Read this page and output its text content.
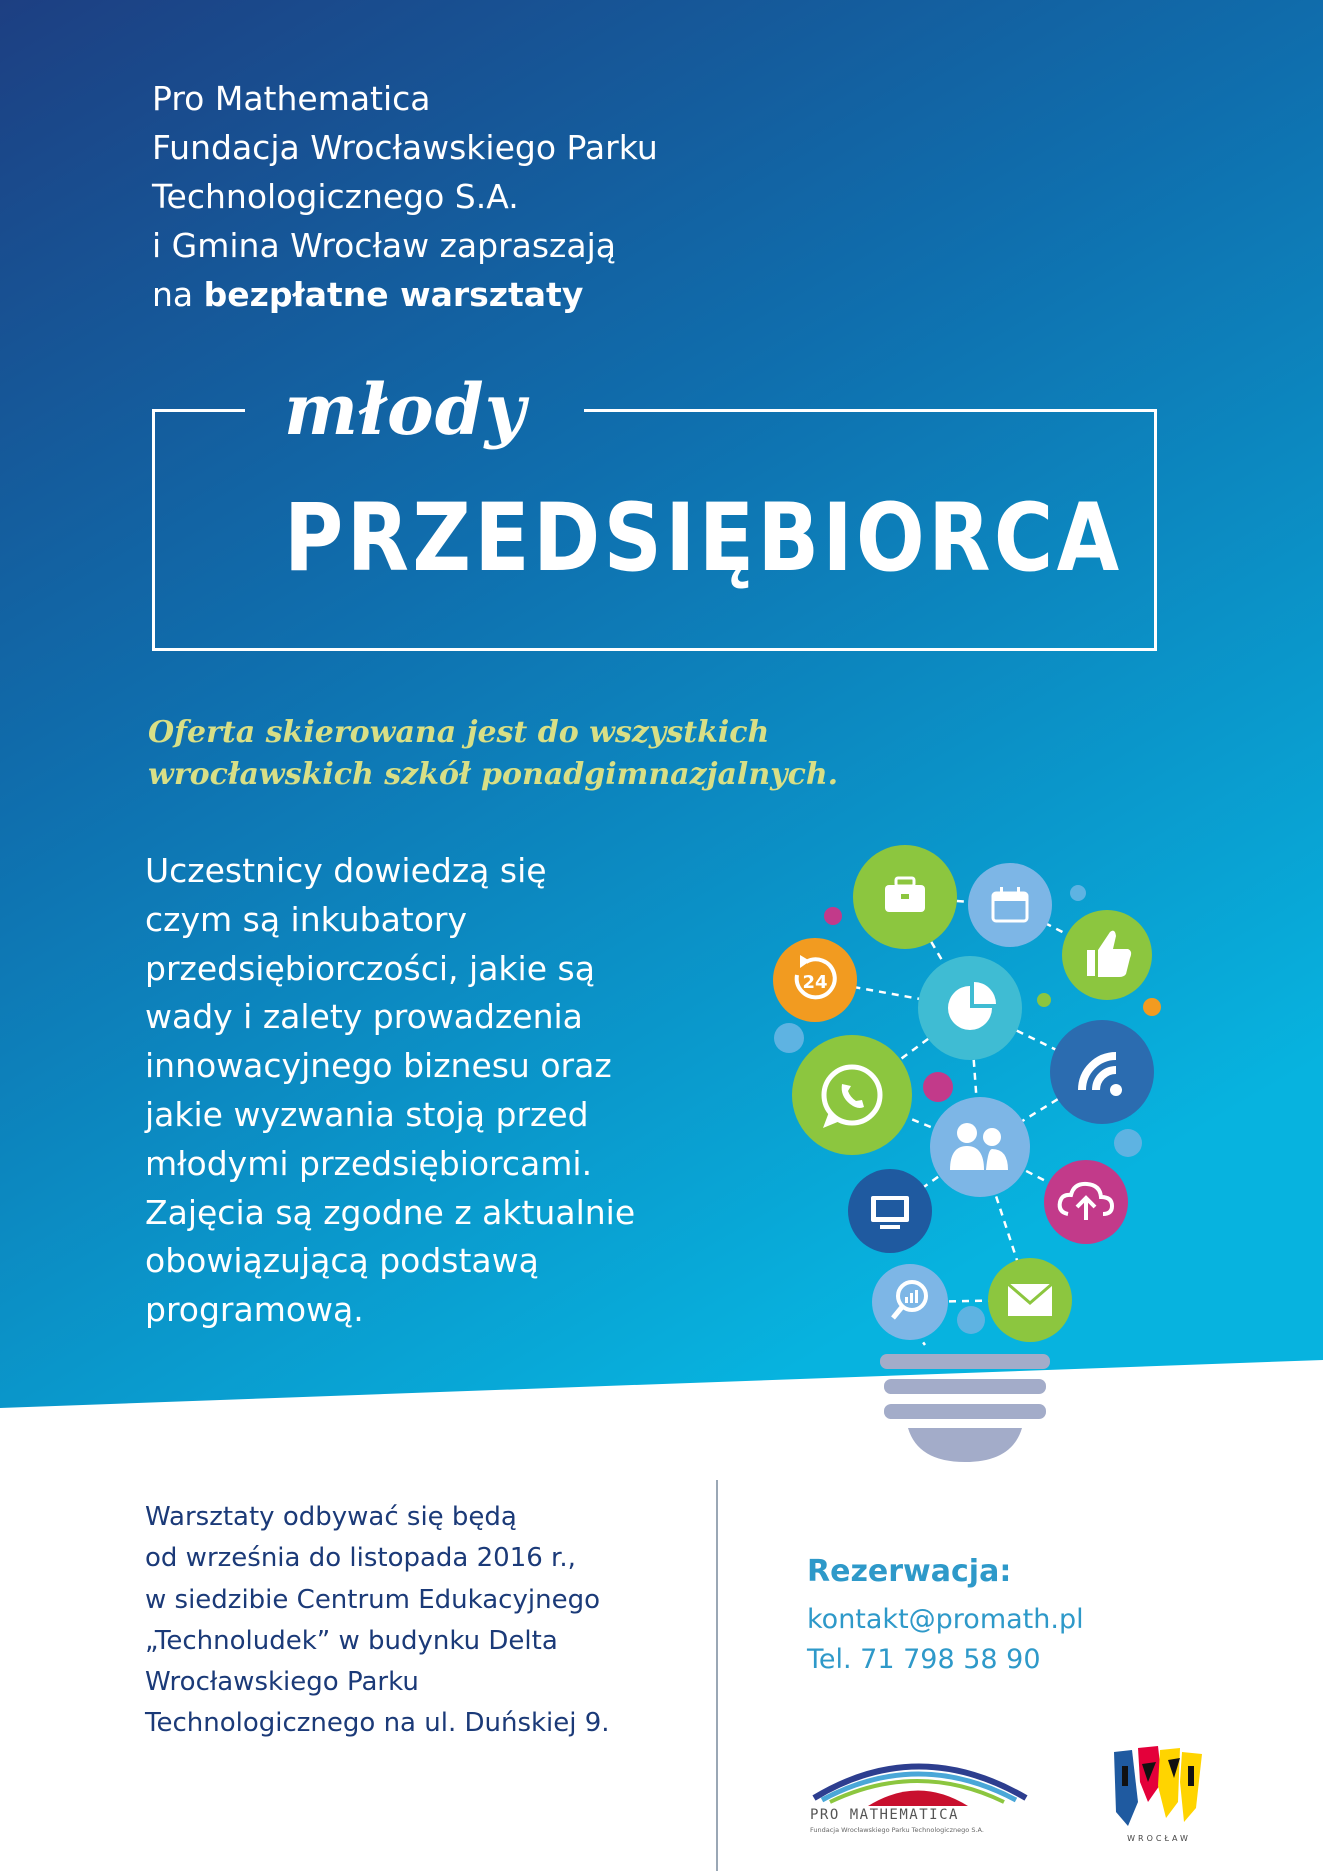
Pro Mathematica
Fundacja Wrocławskiego Parku
Technologicznego S.A.
i Gmina Wrocław zapraszają
na bezpłatne warsztaty
młody
PRZEDSIĘBIORCA
Oferta skierowana jest do wszystkich
wrocławskich szkół ponadgimnazjalnych.
Uczestnicy dowiedzą się
czym są inkubatory
przedsiębiorczości, jakie są
wady i zalety prowadzenia
innowacyjnego biznesu oraz
jakie wyzwania stoją przed
młodymi przedsiębiorcami.
Zajęcia są zgodne z aktualnie
obowiązującą podstawą
programową.
24
Warsztaty odbywać się będą
od września do listopada 2016 r.,
w siedzibie Centrum Edukacyjnego
„Technoludek” w budynku Delta
Wrocławskiego Parku
Technologicznego na ul. Duńskiej 9.
Rezerwacja:
kontakt@promath.pl
Tel. 71 798 58 90
PRO MATHEMATICA
Fundacja Wrocławskiego Parku Technologicznego S.A.
WROCŁAW
